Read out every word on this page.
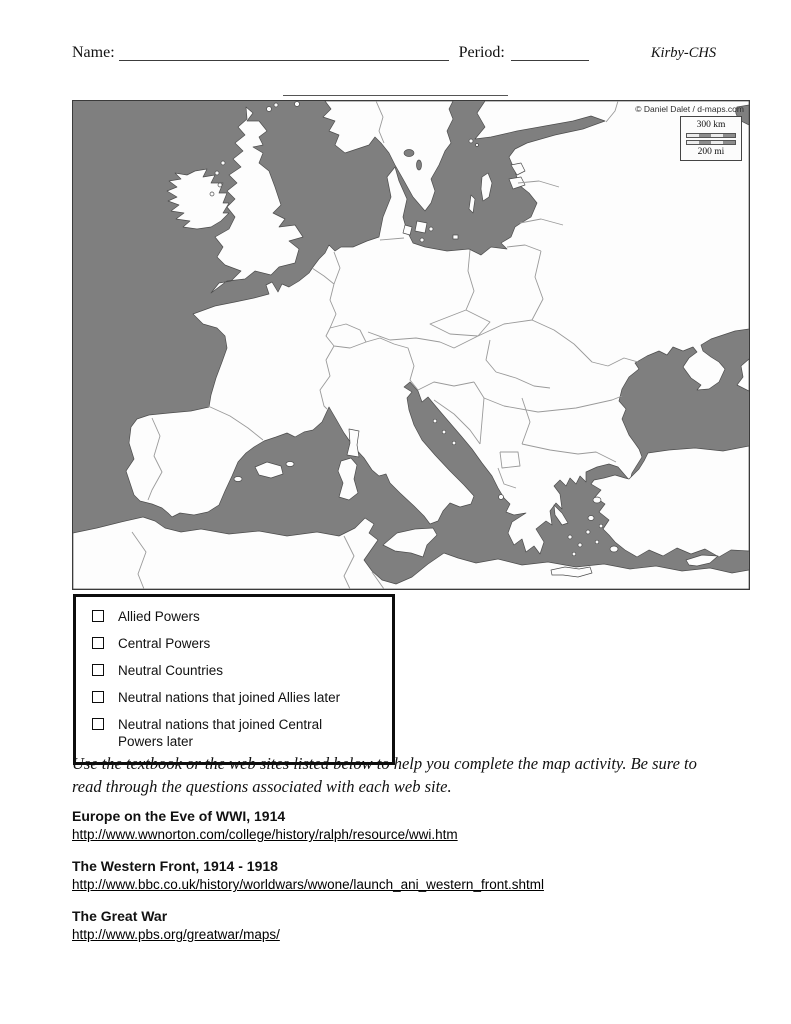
Name:	Period:	Kirby-CHS
© Daniel Dalet / d-maps.com
300 km
200 mi
Allied Powers
Central Powers
Neutral Countries
Neutral nations that joined Allies later
Neutral nations that joined Central Powers later
Use the textbook or the web sites listed below to help you complete the map activity. Be sure to read through the questions associated with each web site.
Europe on the Eve of WWI, 1914
http://www.wwnorton.com/college/history/ralph/resource/wwi.htm
The Western Front, 1914 - 1918
http://www.bbc.co.uk/history/worldwars/wwone/launch_ani_western_front.shtml
The Great War
http://www.pbs.org/greatwar/maps/
